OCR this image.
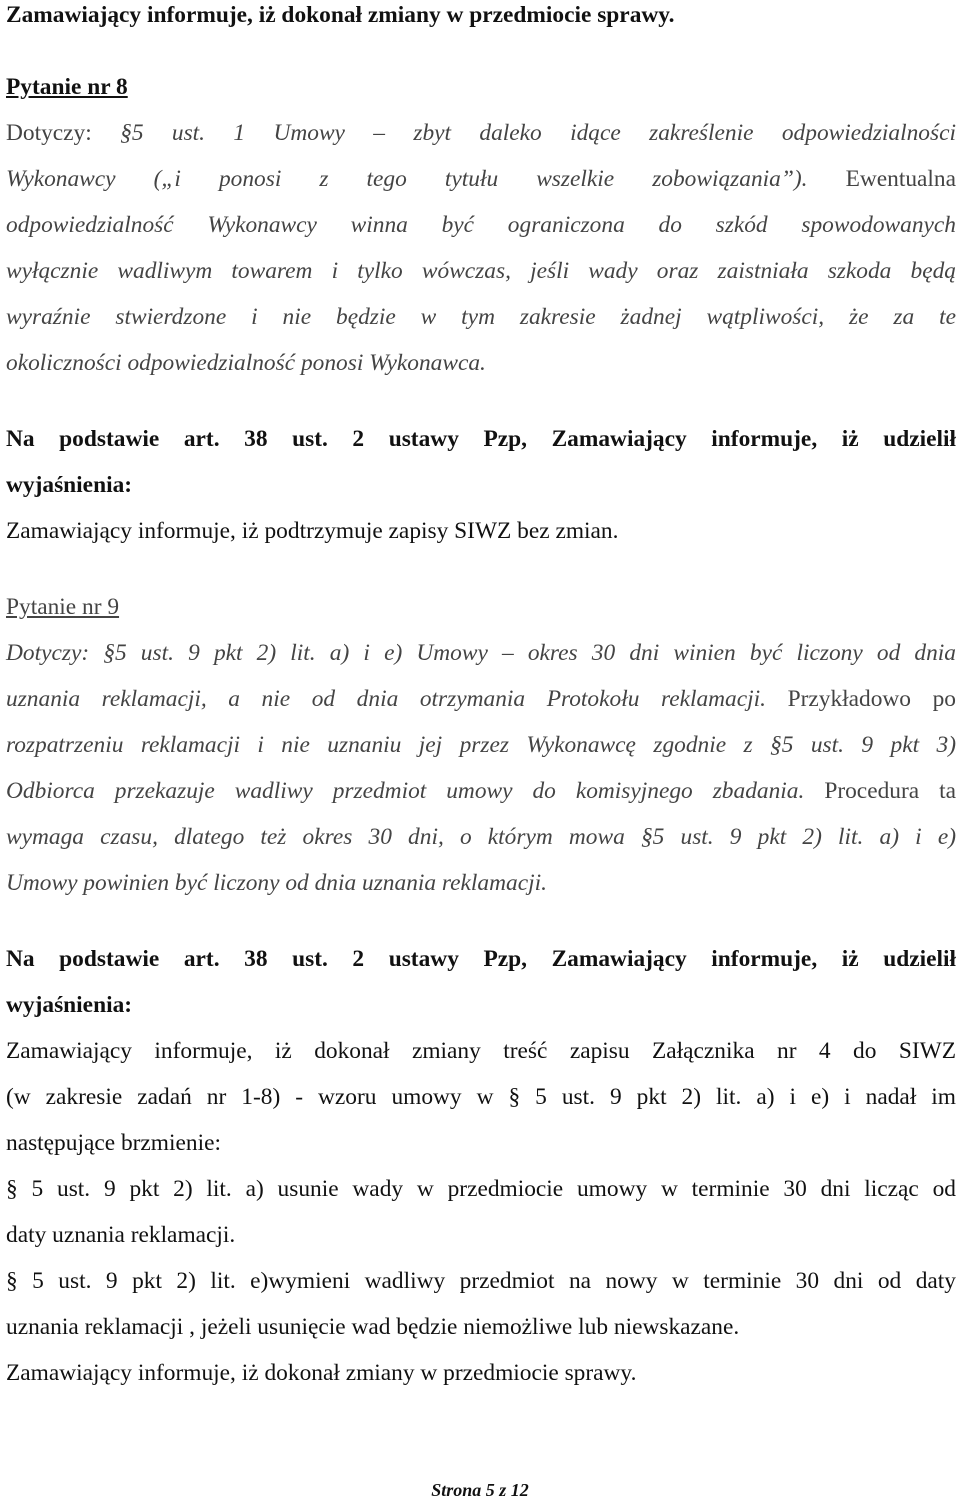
Zamawiający informuje, iż dokonał zmiany w przedmiocie sprawy.
Pytanie nr 8
Dotyczy: §5 ust. 1 Umowy – zbyt daleko idące zakreślenie odpowiedzialności
Wykonawcy („i ponosi z tego tytułu wszelkie zobowiązania”). Ewentualna
odpowiedzialność Wykonawcy winna być ograniczona do szkód spowodowanych
wyłącznie wadliwym towarem i tylko wówczas, jeśli wady oraz zaistniała szkoda będą
wyraźnie stwierdzone i nie będzie w tym zakresie żadnej wątpliwości, że za te
okoliczności odpowiedzialność ponosi Wykonawca.
Na podstawie art. 38 ust. 2 ustawy Pzp, Zamawiający informuje, iż udzielił
wyjaśnienia:
Zamawiający informuje, iż podtrzymuje zapisy SIWZ bez zmian.
Pytanie nr 9
Dotyczy: §5 ust. 9 pkt 2) lit. a) i e) Umowy – okres 30 dni winien być liczony od dnia
uznania reklamacji, a nie od dnia otrzymania Protokołu reklamacji. Przykładowo po
rozpatrzeniu reklamacji i nie uznaniu jej przez Wykonawcę zgodnie z §5 ust. 9 pkt 3)
Odbiorca przekazuje wadliwy przedmiot umowy do komisyjnego zbadania. Procedura ta
wymaga czasu, dlatego też okres 30 dni, o którym mowa §5 ust. 9 pkt 2) lit. a) i e)
Umowy powinien być liczony od dnia uznania reklamacji.
Na podstawie art. 38 ust. 2 ustawy Pzp, Zamawiający informuje, iż udzielił
wyjaśnienia:
Zamawiający informuje, iż dokonał zmiany treść zapisu Załącznika nr 4 do SIWZ
(w zakresie zadań nr 1-8) - wzoru umowy w § 5 ust. 9 pkt 2) lit. a) i e) i nadał im
następujące brzmienie:
§ 5 ust. 9 pkt 2) lit. a) usunie wady w przedmiocie umowy w terminie 30 dni licząc od
daty uznania reklamacji.
§ 5 ust. 9 pkt 2) lit. e)wymieni wadliwy przedmiot na nowy w terminie 30 dni od daty
uznania reklamacji , jeżeli usunięcie wad będzie niemożliwe lub niewskazane.
Zamawiający informuje, iż dokonał zmiany w przedmiocie sprawy.
Strona 5 z 12
